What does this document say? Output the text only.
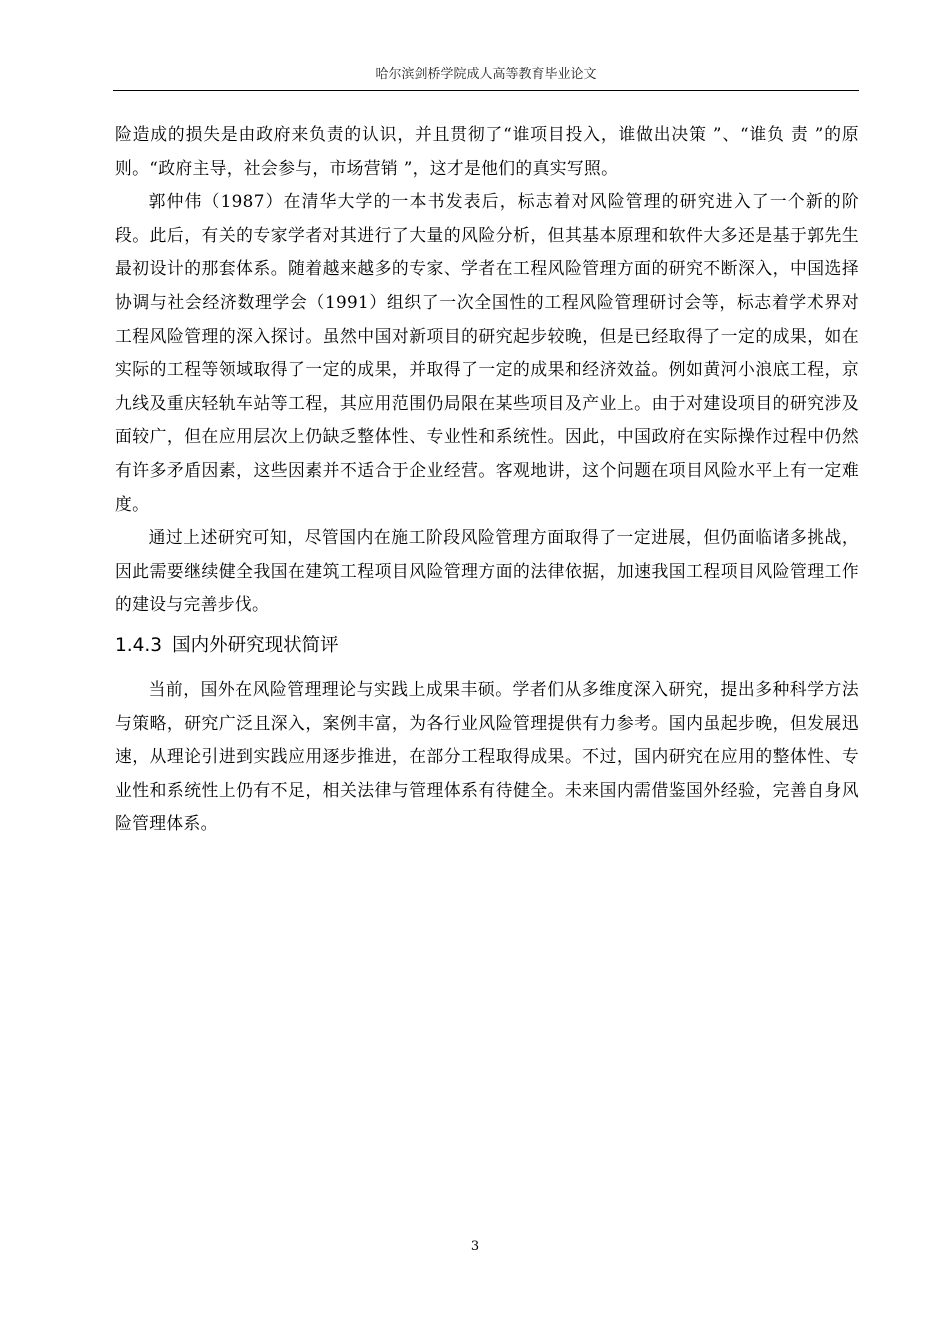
哈尔滨剑桥学院成人高等教育毕业论文

险造成的损失是由政府来负责的认识，并且贯彻了“谁项目投入，谁做出决策 ”、“谁负 责 ”的原则。“政府主导，社会参与，市场营销 ”，这才是他们的真实写照。

郭仲伟（1987）在清华大学的一本书发表后，标志着对风险管理的研究进入了一个新的阶段。此后，有关的专家学者对其进行了大量的风险分析，但其基本原理和软件大多还是基于郭先生最初设计的那套体系。随着越来越多的专家、学者在工程风险管理方面的研究不断深入，中国选择协调与社会经济数理学会（1991）组织了一次全国性的工程风险管理研讨会等，标志着学术界对工程风险管理的深入探讨。虽然中国对新项目的研究起步较晚，但是已经取得了一定的成果，如在实际的工程等领域取得了一定的成果，并取得了一定的成果和经济效益。例如黄河小浪底工程，京九线及重庆轻轨车站等工程，其应用范围仍局限在某些项目及产业上。由于对建设项目的研究涉及面较广，但在应用层次上仍缺乏整体性、专业性和系统性。因此，中国政府在实际操作过程中仍然有许多矛盾因素，这些因素并不适合于企业经营。客观地讲，这个问题在项目风险水平上有一定难度。

通过上述研究可知，尽管国内在施工阶段风险管理方面取得了一定进展，但仍面临诸多挑战，因此需要继续健全我国在建筑工程项目风险管理方面的法律依据，加速我国工程项目风险管理工作的建设与完善步伐。

1.4.3 国内外研究现状简评

当前，国外在风险管理理论与实践上成果丰硕。学者们从多维度深入研究，提出多种科学方法与策略，研究广泛且深入，案例丰富，为各行业风险管理提供有力参考。国内虽起步晚，但发展迅速，从理论引进到实践应用逐步推进，在部分工程取得成果。不过，国内研究在应用的整体性、专业性和系统性上仍有不足，相关法律与管理体系有待健全。未来国内需借鉴国外经验，完善自身风险管理体系。

3
